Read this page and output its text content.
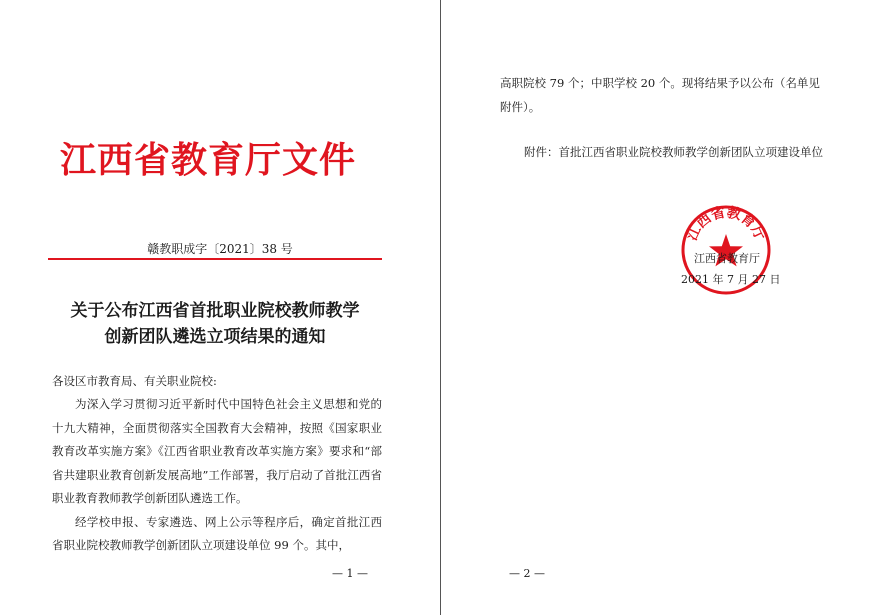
江西省教育厅文件
赣教职成字〔2021〕38 号
关于公布江西省首批职业院校教师教学
创新团队遴选立项结果的通知
各设区市教育局、有关职业院校:

为深入学习贯彻习近平新时代中国特色社会主义思想和党的十九大精神，全面贯彻落实全国教育大会精神，按照《国家职业教育改革实施方案》《江西省职业教育改革实施方案》要求和“部省共建职业教育创新发展高地”工作部署，我厅启动了首批江西省职业教育教师教学创新团队遴选工作。

经学校申报、专家遴选、网上公示等程序后，确定首批江西省职业院校教师教学创新团队立项建设单位 99 个。其中，

— 1 —
高职院校 79 个；中职学校 20 个。现将结果予以公布（名单见附件）。
附件：首批江西省职业院校教师教学创新团队立项建设单位
江西省教育厅
江西省教育厅
2021 年 7 月 27 日
— 2 —
